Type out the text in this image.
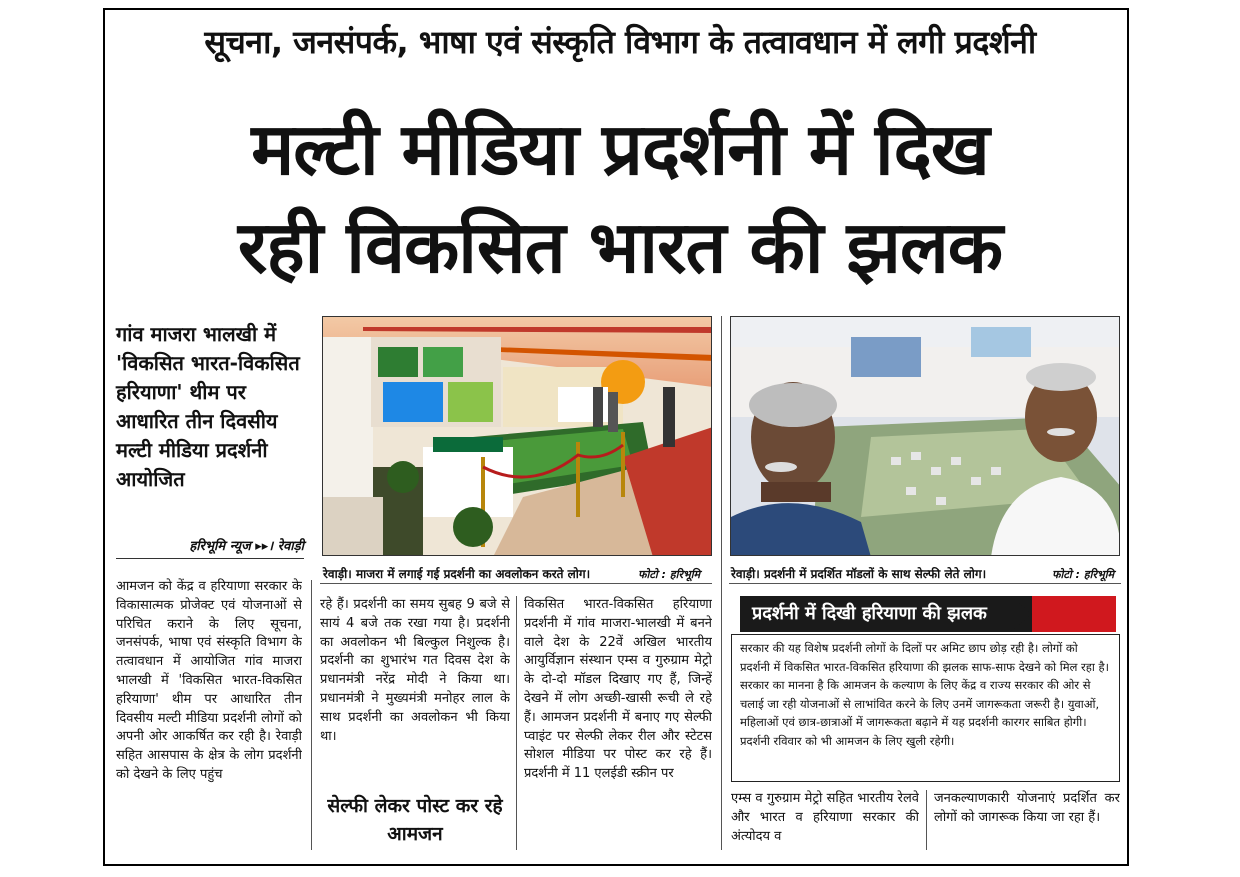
सूचना, जनसंपर्क, भाषा एवं संस्कृति विभाग के तत्वावधान में लगी प्रदर्शनी
मल्टी मीडिया प्रदर्शनी में दिख
रही विकसित भारत की झलक
गांव माजरा भालखी में 'विकसित भारत-विकसित हरियाणा' थीम पर आधारित तीन दिवसीय मल्टी मीडिया प्रदर्शनी आयोजित
हरिभूमि न्यूज ▸▸। रेवाड़ी
आमजन को केंद्र व हरियाणा सरकार के विकासात्मक प्रोजेक्ट एवं योजनाओं से परिचित कराने के लिए सूचना, जनसंपर्क, भाषा एवं संस्कृति विभाग के तत्वावधान में आयोजित गांव माजरा भालखी में 'विकसित भारत-विकसित हरियाणा' थीम पर आधारित तीन दिवसीय मल्टी मीडिया प्रदर्शनी लोगों को अपनी ओर आकर्षित कर रही है। रेवाड़ी सहित आसपास के क्षेत्र के लोग प्रदर्शनी को देखने के लिए पहुंच
रहे हैं। प्रदर्शनी का समय सुबह 9 बजे से सायं 4 बजे तक रखा गया है। प्रदर्शनी का अवलोकन भी बिल्कुल निशुल्क है। प्रदर्शनी का शुभारंभ गत दिवस देश के प्रधानमंत्री नरेंद्र मोदी ने किया था। प्रधानमंत्री ने मुख्यमंत्री मनोहर लाल के साथ प्रदर्शनी का अवलोकन भी किया था।
सेल्फी लेकर पोस्ट कर रहे आमजन
विकसित भारत-विकसित हरियाणा प्रदर्शनी में गांव माजरा-भालखी में बनने वाले देश के 22वें अखिल भारतीय आयुर्विज्ञान संस्थान एम्स व गुरुग्राम मेट्रो के दो-दो मॉडल दिखाए गए हैं, जिन्हें देखने में लोग अच्छी-खासी रूची ले रहे हैं। आमजन प्रदर्शनी में बनाए गए सेल्फी प्वाइंट पर सेल्फी लेकर रील और स्टेटस सोशल मीडिया पर पोस्ट कर रहे हैं। प्रदर्शनी में 11 एलईडी स्क्रीन पर
रेवाड़ी। माजरा में लगाई गई प्रदर्शनी का अवलोकन करते लोग।	फोटो : हरिभूमि	रेवाड़ी। प्रदर्शनी में प्रदर्शित मॉडलों के साथ सेल्फी लेते लोग।	फोटो : हरिभूमि
प्रदर्शनी में दिखी हरियाणा की झलक
सरकार की यह विशेष प्रदर्शनी लोगों के दिलों पर अमिट छाप छोड़ रही है। लोगों को प्रदर्शनी में विकसित भारत-विकसित हरियाणा की झलक साफ-साफ देखने को मिल रहा है। सरकार का मानना है कि आमजन के कल्याण के लिए केंद्र व राज्य सरकार की ओर से चलाई जा रही योजनाओं से लाभांवित करने के लिए उनमें जागरूकता जरूरी है। युवाओं, महिलाओं एवं छात्र-छात्राओं में जागरूकता बढ़ाने में यह प्रदर्शनी कारगर साबित होगी। प्रदर्शनी रविवार को भी आमजन के लिए खुली रहेगी।
एम्स व गुरुग्राम मेट्रो सहित भारतीय रेलवे और भारत व हरियाणा सरकार की अंत्योदय व
जनकल्याणकारी योजनाएं प्रदर्शित कर लोगों को जागरूक किया जा रहा हैं।
